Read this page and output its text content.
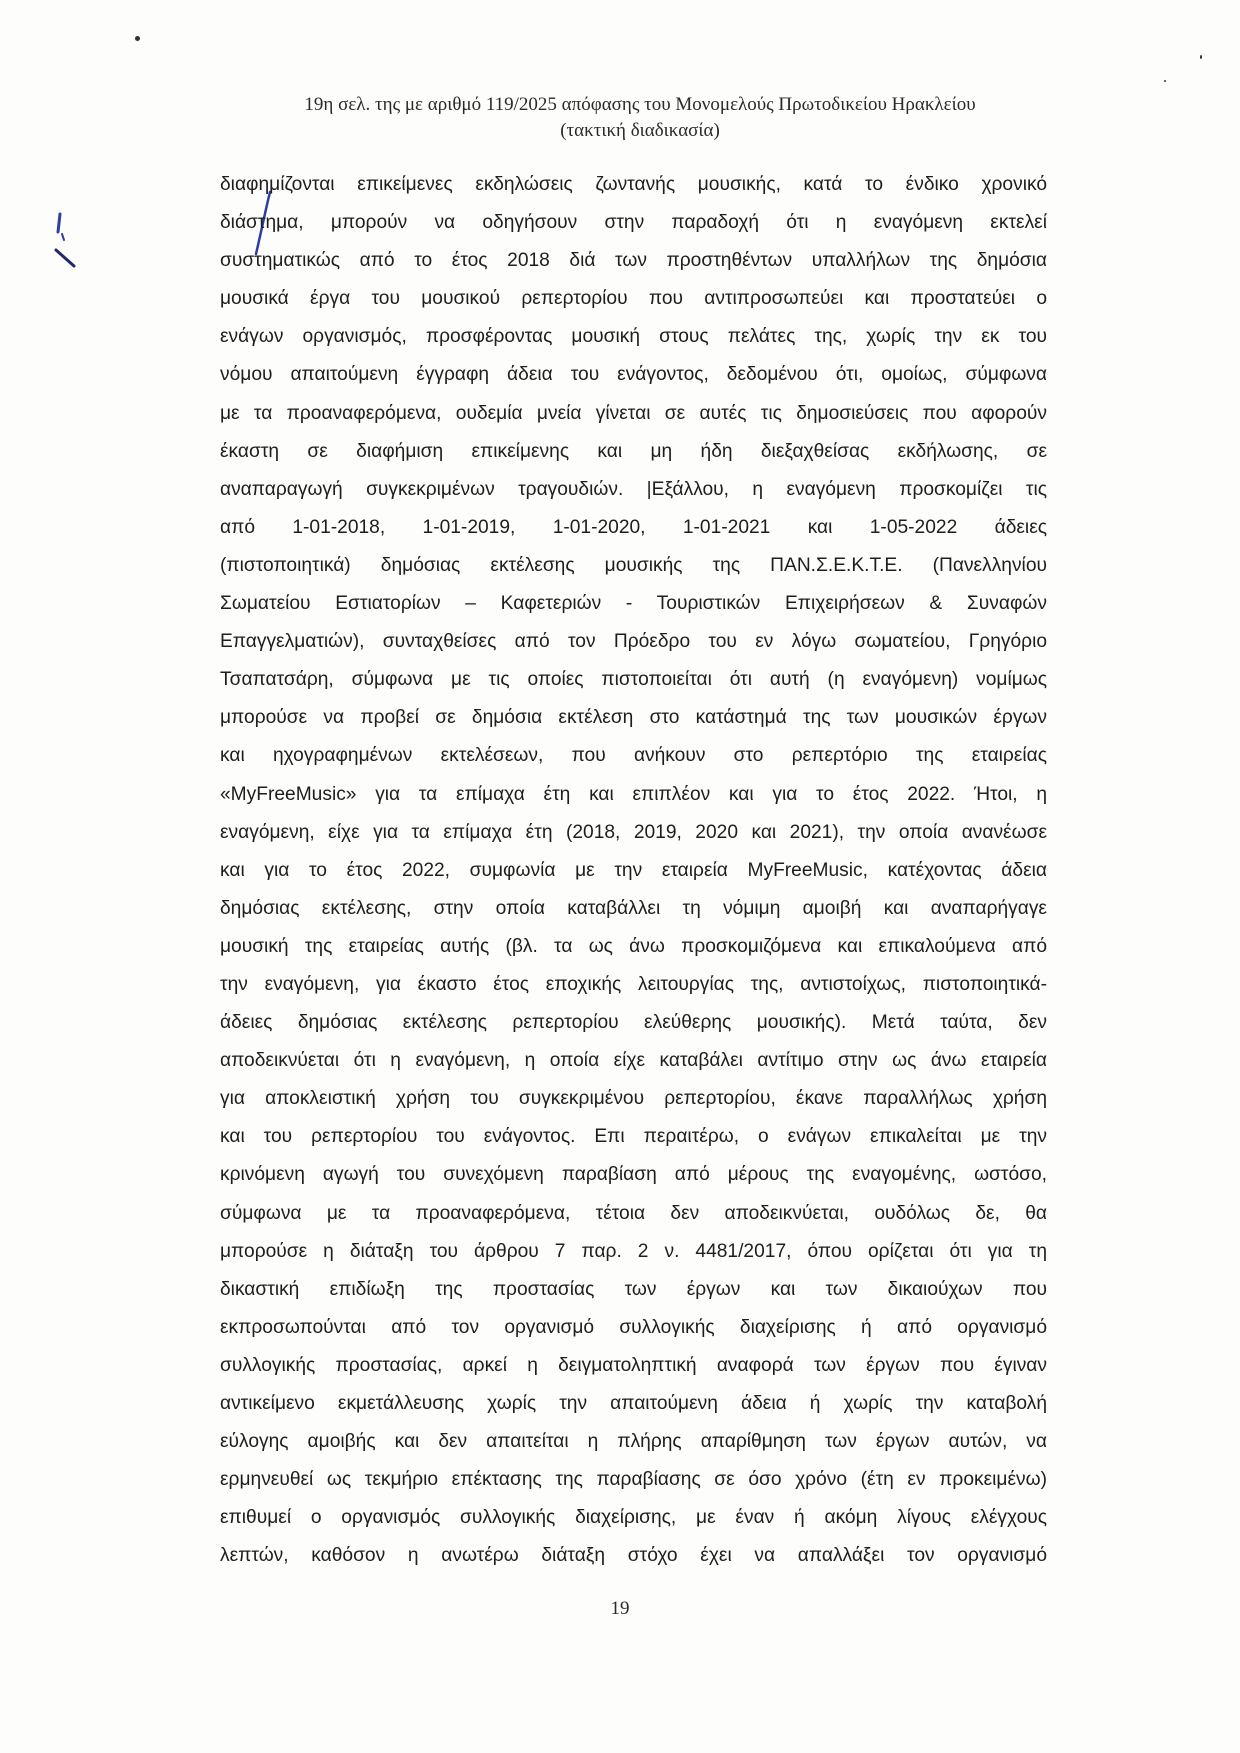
19η σελ. της με αριθμό 119/2025 απόφασης του Μονομελούς Πρωτοδικείου Ηρακλείου
(τακτική διαδικασία)
διαφημίζονται επικείμενες εκδηλώσεις ζωντανής μουσικής, κατά το ένδικο χρονικό
διάστημα, μπορούν να οδηγήσουν στην παραδοχή ότι η εναγόμενη εκτελεί
συστηματικώς από το έτος 2018 διά των προστηθέντων υπαλλήλων της δημόσια
μουσικά έργα του μουσικού ρεπερτορίου που αντιπροσωπεύει και προστατεύει ο
ενάγων οργανισμός, προσφέροντας μουσική στους πελάτες της, χωρίς την εκ του
νόμου απαιτούμενη έγγραφη άδεια του ενάγοντος, δεδομένου ότι, ομοίως, σύμφωνα
με τα προαναφερόμενα, ουδεμία μνεία γίνεται σε αυτές τις δημοσιεύσεις που αφορούν
έκαστη σε διαφήμιση επικείμενης και μη ήδη διεξαχθείσας εκδήλωσης, σε
αναπαραγωγή συγκεκριμένων τραγουδιών. |Εξάλλου, η εναγόμενη προσκομίζει τις
από 1-01-2018, 1-01-2019, 1-01-2020, 1-01-2021 και 1-05-2022 άδειες
(πιστοποιητικά) δημόσιας εκτέλεσης μουσικής της ΠΑΝ.Σ.Ε.Κ.Τ.Ε. (Πανελληνίου
Σωματείου Εστιατορίων – Καφετεριών - Τουριστικών Επιχειρήσεων & Συναφών
Επαγγελματιών), συνταχθείσες από τον Πρόεδρο του εν λόγω σωματείου, Γρηγόριο
Τσαπατσάρη, σύμφωνα με τις οποίες πιστοποιείται ότι αυτή (η εναγόμενη) νομίμως
μπορούσε να προβεί σε δημόσια εκτέλεση στο κατάστημά της των μουσικών έργων
και ηχογραφημένων εκτελέσεων, που ανήκουν στο ρεπερτόριο της εταιρείας
«MyFreeMusic» για τα επίμαχα έτη και επιπλέον και για το έτος 2022. Ήτοι, η
εναγόμενη, είχε για τα επίμαχα έτη (2018, 2019, 2020 και 2021), την οποία ανανέωσε
και για το έτος 2022, συμφωνία με την εταιρεία MyFreeMusic, κατέχοντας άδεια
δημόσιας εκτέλεσης, στην οποία καταβάλλει τη νόμιμη αμοιβή και αναπαρήγαγε
μουσική της εταιρείας αυτής (βλ. τα ως άνω προσκομιζόμενα και επικαλούμενα από
την εναγόμενη, για έκαστο έτος εποχικής λειτουργίας της, αντιστοίχως, πιστοποιητικά-
άδειες δημόσιας εκτέλεσης ρεπερτορίου ελεύθερης μουσικής). Μετά ταύτα, δεν
αποδεικνύεται ότι η εναγόμενη, η οποία είχε καταβάλει αντίτιμο στην ως άνω εταιρεία
για αποκλειστική χρήση του συγκεκριμένου ρεπερτορίου, έκανε παραλλήλως χρήση
και του ρεπερτορίου του ενάγοντος. Επι περαιτέρω, ο ενάγων επικαλείται με την
κρινόμενη αγωγή του συνεχόμενη παραβίαση από μέρους της εναγομένης, ωστόσο,
σύμφωνα με τα προαναφερόμενα, τέτοια δεν αποδεικνύεται, ουδόλως δε, θα
μπορούσε η διάταξη του άρθρου 7 παρ. 2 ν. 4481/2017, όπου ορίζεται ότι για τη
δικαστική επιδίωξη της προστασίας των έργων και των δικαιούχων που
εκπροσωπούνται από τον οργανισμό συλλογικής διαχείρισης ή από οργανισμό
συλλογικής προστασίας, αρκεί η δειγματοληπτική αναφορά των έργων που έγιναν
αντικείμενο εκμετάλλευσης χωρίς την απαιτούμενη άδεια ή χωρίς την καταβολή
εύλογης αμοιβής και δεν απαιτείται η πλήρης απαρίθμηση των έργων αυτών, να
ερμηνευθεί ως τεκμήριο επέκτασης της παραβίασης σε όσο χρόνο (έτη εν προκειμένω)
επιθυμεί ο οργανισμός συλλογικής διαχείρισης, με έναν ή ακόμη λίγους ελέγχους
λεπτών, καθόσον η ανωτέρω διάταξη στόχο έχει να απαλλάξει τον οργανισμό
19
